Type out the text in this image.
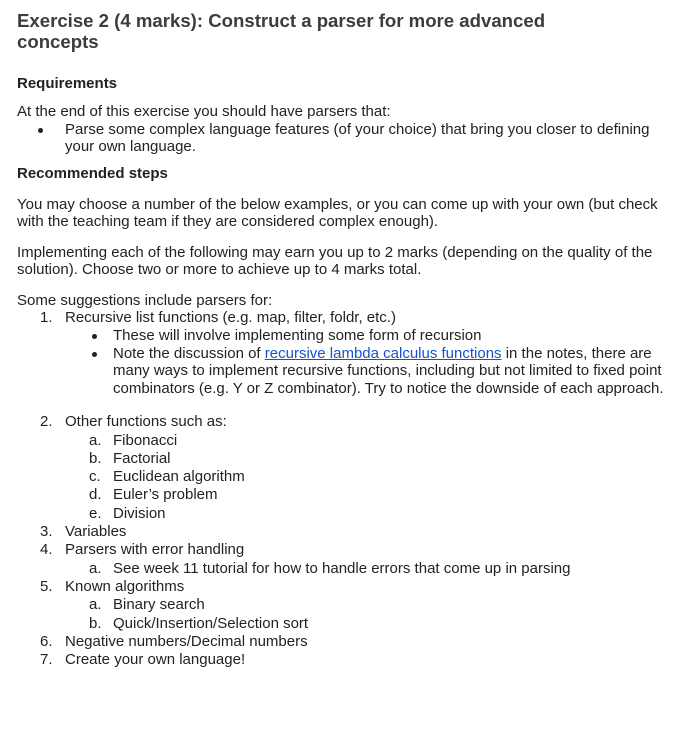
Exercise 2 (4 marks): Construct a parser for more advanced concepts
Requirements

At the end of this exercise you should have parsers that:

Parse some complex language features (of your choice) that bring you closer to defining your own language.
Recommended steps

You may choose a number of the below examples, or you can come up with your own (but check with the teaching team if they are considered complex enough).

Implementing each of the following may earn you up to 2 marks (depending on the quality of the solution). Choose two or more to achieve up to 4 marks total.

Some suggestions include parsers for:

1. Recursive list functions (e.g. map, filter, foldr, etc.)
These will involve implementing some form of recursion
Note the discussion of recursive lambda calculus functions in the notes, there are many ways to implement recursive functions, including but not limited to fixed point combinators (e.g. Y or Z combinator). Try to notice the downside of each approach.
2. Other functions such as:
a. Fibonacci
b. Factorial
c. Euclidean algorithm
d. Euler’s problem
e. Division
3. Variables
4. Parsers with error handling
a. See week 11 tutorial for how to handle errors that come up in parsing
5. Known algorithms
a. Binary search
b. Quick/Insertion/Selection sort
6. Negative numbers/Decimal numbers
7. Create your own language!
